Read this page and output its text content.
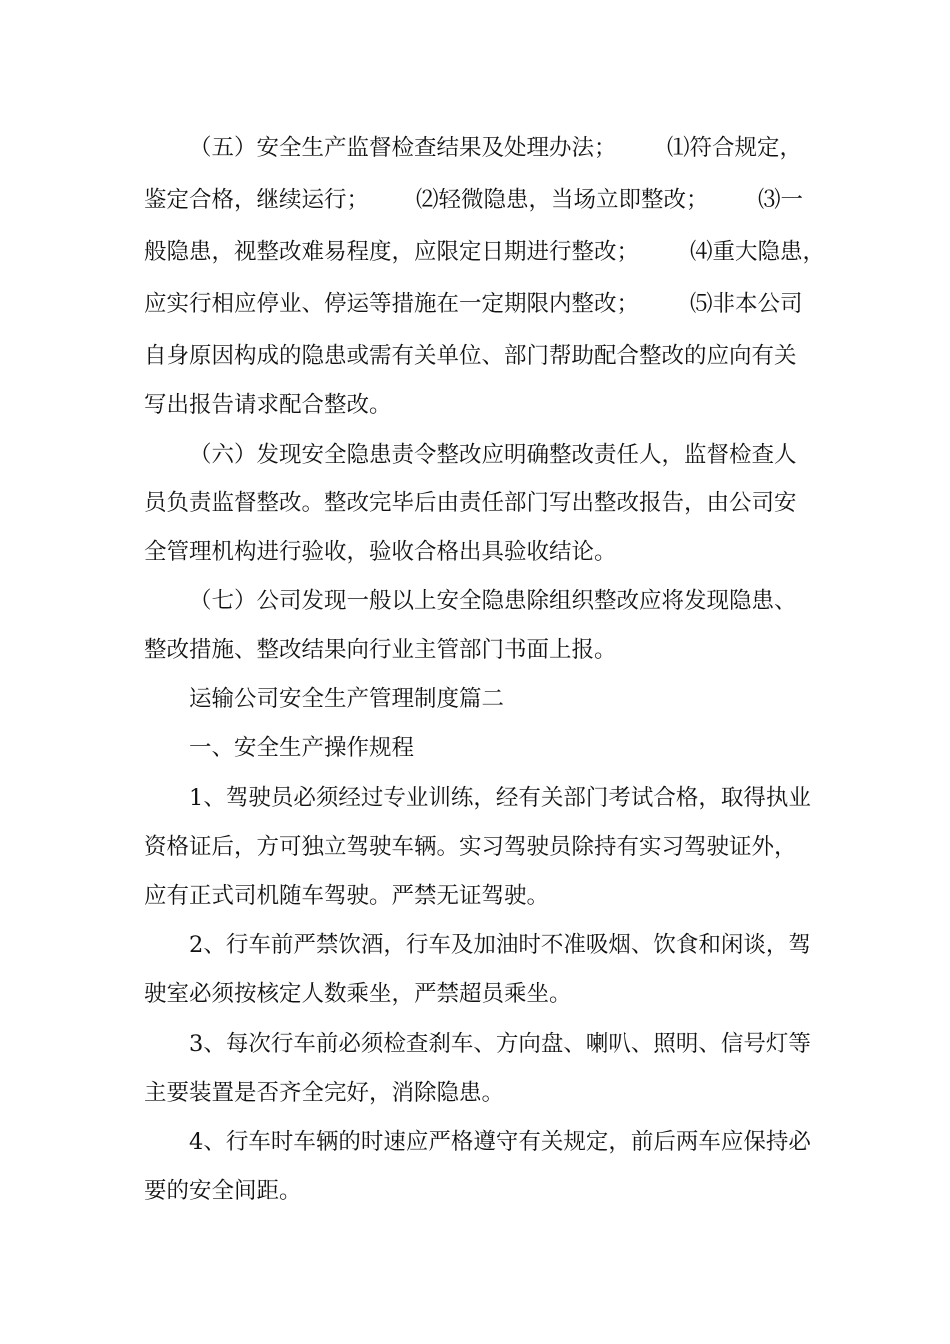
（五）安全生产监督检查结果及处理办法； ⑴符合规定，
鉴定合格，继续运行； ⑵轻微隐患，当场立即整改； ⑶一
般隐患，视整改难易程度，应限定日期进行整改； ⑷重大隐患，
应实行相应停业、停运等措施在一定期限内整改； ⑸非本公司

自身原因构成的隐患或需有关单位、部门帮助配合整改的应向有关

写出报告请求配合整改。

（六）发现安全隐患责令整改应明确整改责任人，监督检查人

员负责监督整改。整改完毕后由责任部门写出整改报告，由公司安

全管理机构进行验收，验收合格出具验收结论。

（七）公司发现一般以上安全隐患除组织整改应将发现隐患、

整改措施、整改结果向行业主管部门书面上报。

运输公司安全生产管理制度篇二

一、安全生产操作规程

1、驾驶员必须经过专业训练，经有关部门考试合格，取得执业

资格证后，方可独立驾驶车辆。实习驾驶员除持有实习驾驶证外，

应有正式司机随车驾驶。严禁无证驾驶。

2、行车前严禁饮酒，行车及加油时不准吸烟、饮食和闲谈，驾

驶室必须按核定人数乘坐，严禁超员乘坐。

3、每次行车前必须检查刹车、方向盘、喇叭、照明、信号灯等

主要装置是否齐全完好，消除隐患。

4、行车时车辆的时速应严格遵守有关规定，前后两车应保持必

要的安全间距。
